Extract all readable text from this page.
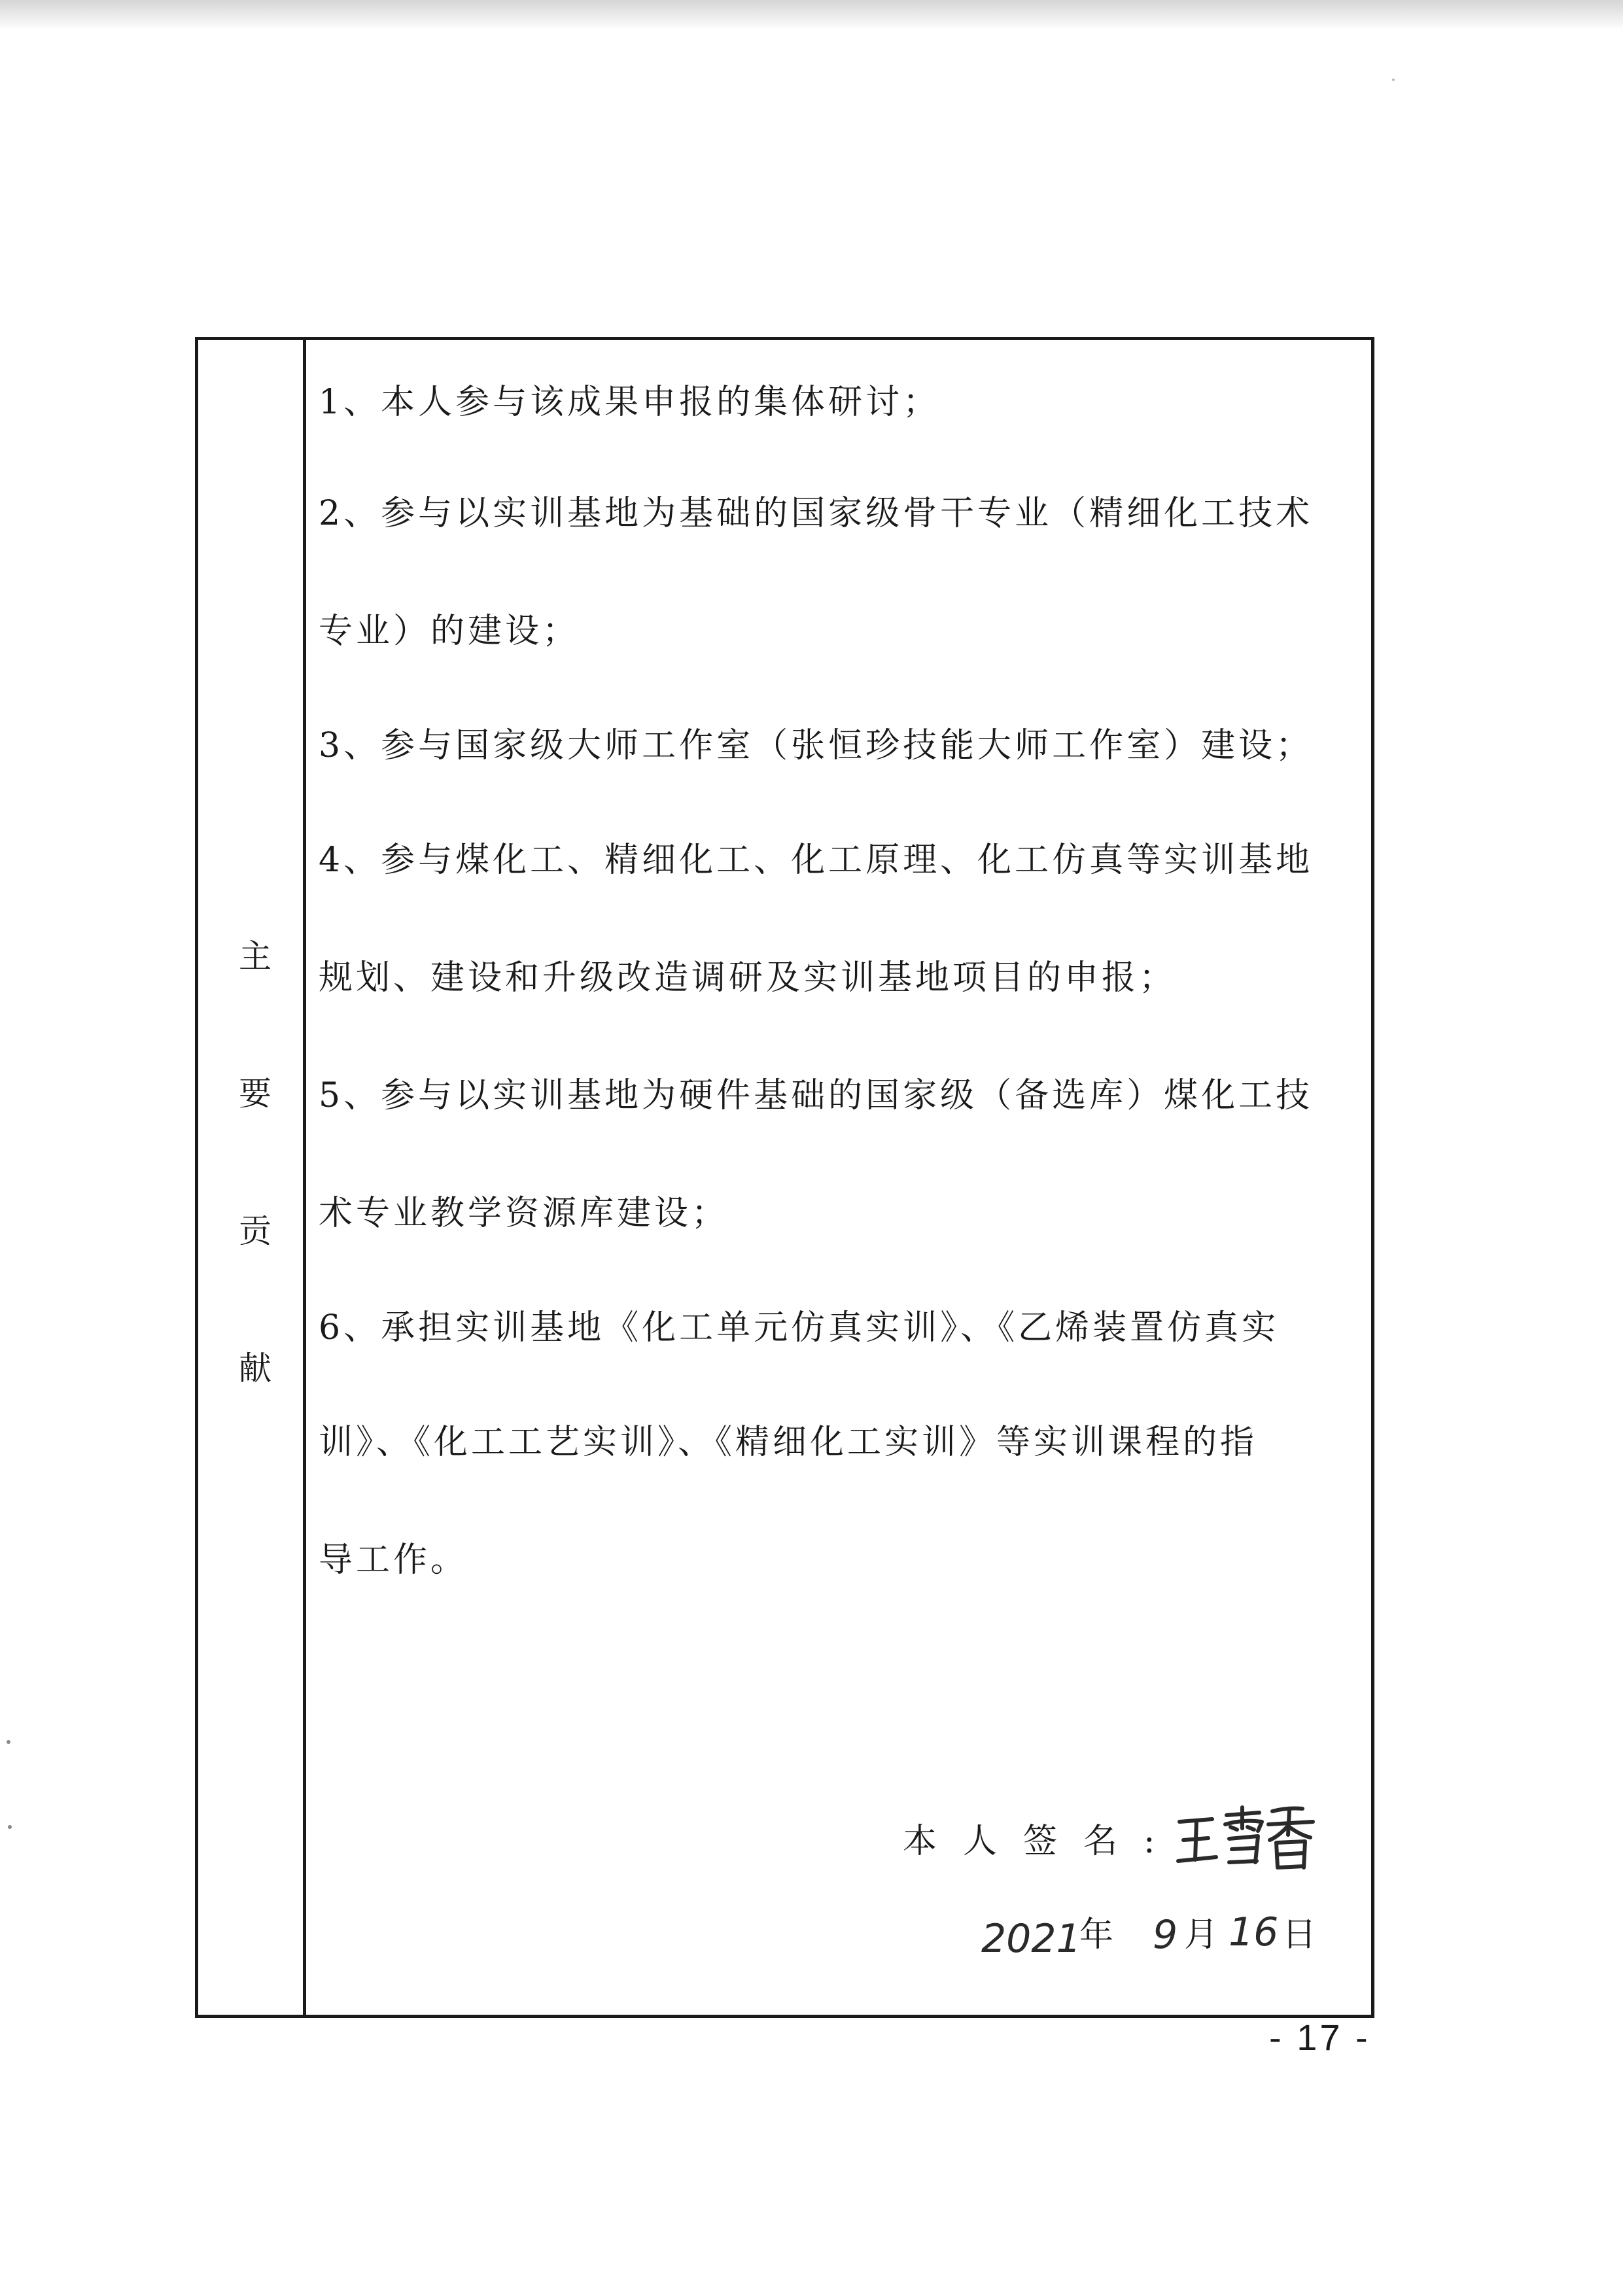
主
要
贡
献
1、本人参与该成果申报的集体研讨；
2、参与以实训基地为基础的国家级骨干专业（精细化工技术
专业）的建设；
3、参与国家级大师工作室（张恒珍技能大师工作室）建设；
4、参与煤化工、精细化工、化工原理、化工仿真等实训基地
规划、建设和升级改造调研及实训基地项目的申报；
5、参与以实训基地为硬件基础的国家级（备选库）煤化工技
术专业教学资源库建设；
6、承担实训基地《化工单元仿真实训》、《乙烯装置仿真实
训》、《化工工艺实训》、《精细化工实训》等实训课程的指
导工作。
本人签名:
2021
年 9 月 16 日
- 17 -
